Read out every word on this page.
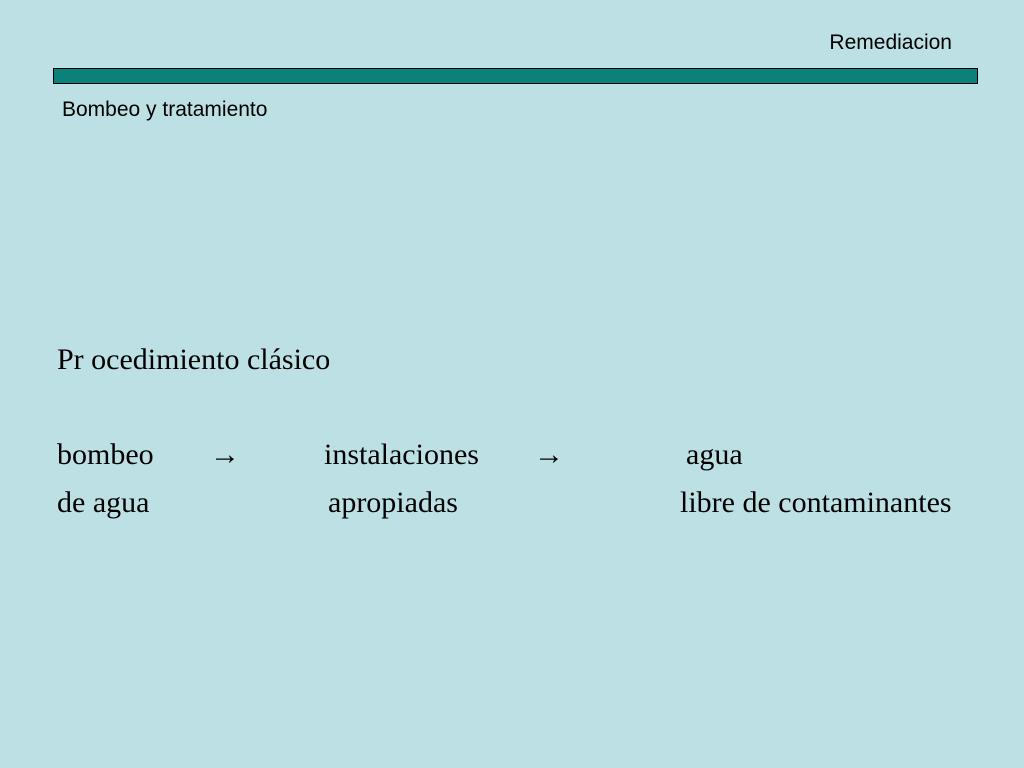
Remediacion
Bombeo y tratamiento
Pr ocedimiento clásico
bombeo →	instalaciones →	agua
de agua	apropiadas	libre de contaminantes
